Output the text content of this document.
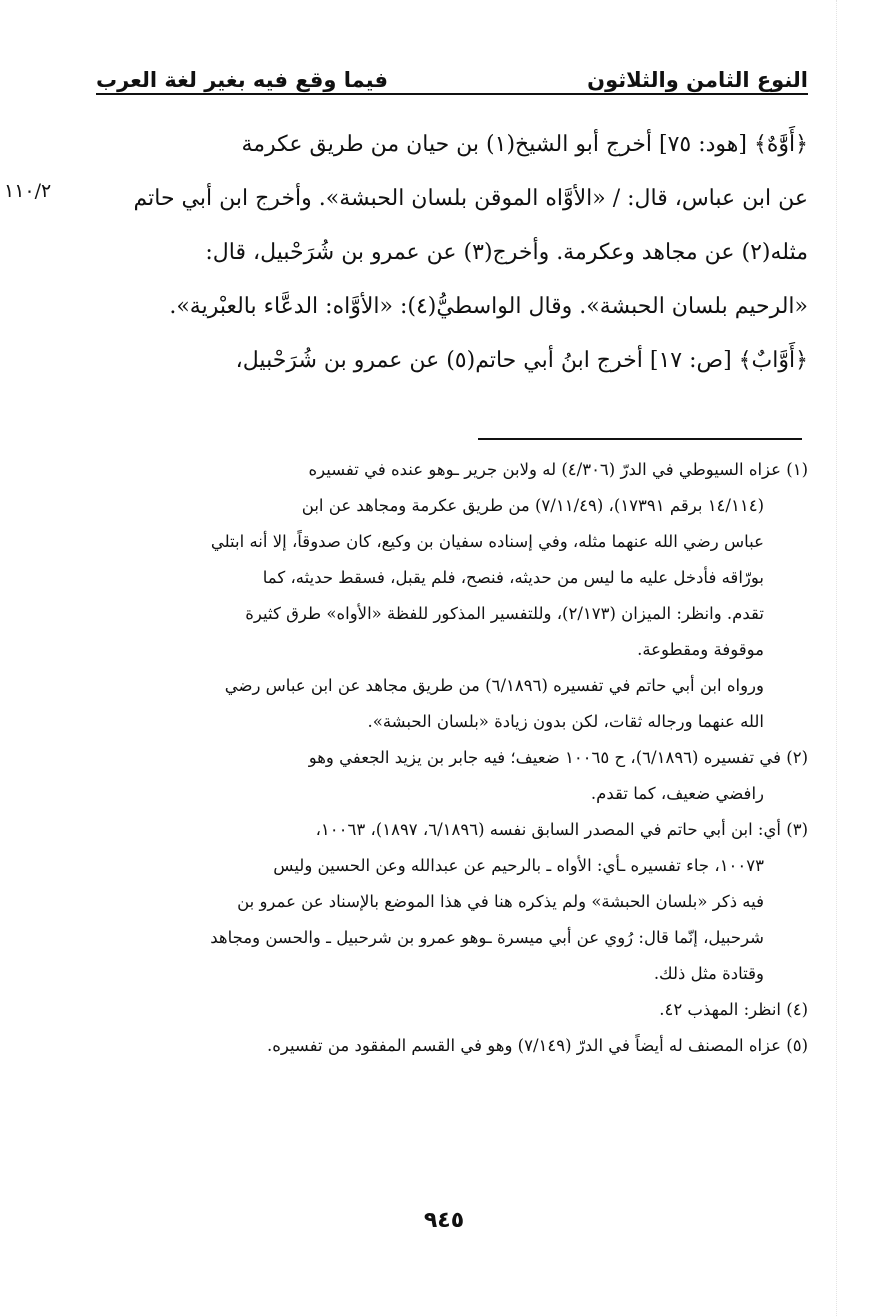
النوع الثامن والثلاثون
فيما وقع فيه بغير لغة العرب
١١٠/٢

﴿أَوَّٰهٌ﴾ [هود: ٧٥] أخرج أبو الشيخ(١) بن حيان من طريق عكرمة

عن ابن عباس، قال: / «الأوَّاه الموقن بلسان الحبشة». وأخرج ابن أبي حاتم

مثله(٢) عن مجاهد وعكرمة. وأخرج(٣) عن عمرو بن شُرَحْبيل، قال:

«الرحيم بلسان الحبشة». وقال الواسطيُّ(٤): «الأوَّاه: الدعَّاء بالعبْرية».

﴿أَوَّابٌ﴾ [ص: ١٧] أخرج ابنُ أبي حاتم(٥) عن عمرو بن شُرَحْبيل،

(١) عزاه السيوطي في الدرّ (٤/٣٠٦) له ولابن جرير ـوهو عنده في تفسيره

(١٤/١١٤ برقم ١٧٣٩١)، (٧/١١/٤٩) من طريق عكرمة ومجاهد عن ابن

عباس رضي الله عنهما مثله، وفي إسناده سفيان بن وكيع، كان صدوقاً، إلا أنه ابتلي

بورّاقه فأدخل عليه ما ليس من حديثه، فنصح، فلم يقبل، فسقط حديثه، كما

تقدم. وانظر: الميزان (٢/١٧٣)، وللتفسير المذكور للفظة «الأواه» طرق كثيرة

موقوفة ومقطوعة.

ورواه ابن أبي حاتم في تفسيره (٦/١٨٩٦) من طريق مجاهد عن ابن عباس رضي

الله عنهما ورجاله ثقات، لكن بدون زيادة «بلسان الحبشة».

(٢) في تفسيره (٦/١٨٩٦)، ح ١٠٠٦٥ ضعيف؛ فيه جابر بن يزيد الجعفي وهو

رافضي ضعيف، كما تقدم.

(٣) أي: ابن أبي حاتم في المصدر السابق نفسه (٦/١٨٩٦، ١٨٩٧)، ١٠٠٦٣،

١٠٠٧٣، جاء تفسيره ـأي: الأواه ـ بالرحيم عن عبدالله وعن الحسين وليس

فيه ذكر «بلسان الحبشة» ولم يذكره هنا في هذا الموضع بالإسناد عن عمرو بن

شرحبيل، إنّما قال: رُوي عن أبي ميسرة ـوهو عمرو بن شرحبيل ـ والحسن ومجاهد

وقتادة مثل ذلك.

(٤) انظر: المهذب ٤٢.

(٥) عزاه المصنف له أيضاً في الدرّ (٧/١٤٩) وهو في القسم المفقود من تفسيره.

٩٤٥
